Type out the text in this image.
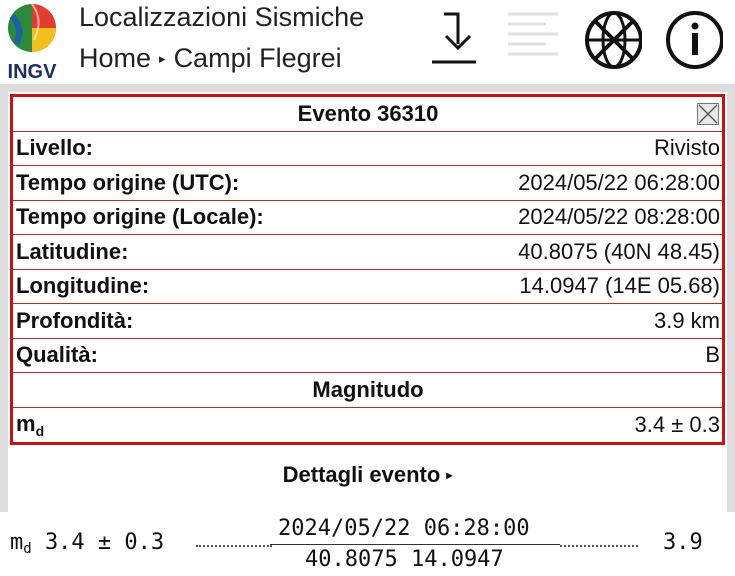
INGV
Localizzazioni Sismiche
Home ▸ Campi Flegrei
Evento 36310
Livello:	Rivisto
Tempo origine (UTC):	2024/05/22 06:28:00
Tempo origine (Locale):	2024/05/22 08:28:00
Latitudine:	40.8075 (40N 48.45)
Longitudine:	14.0947 (14E 05.68)
Profondità:	3.9 km
Qualità:	B
Magnitudo
$m_d$	3.4 ± 0.3
Dettagli evento ▸
$m_d$ 3.4 ± 0.3
2024/05/22 06:28:00
40.8075 14.0947
3.9
